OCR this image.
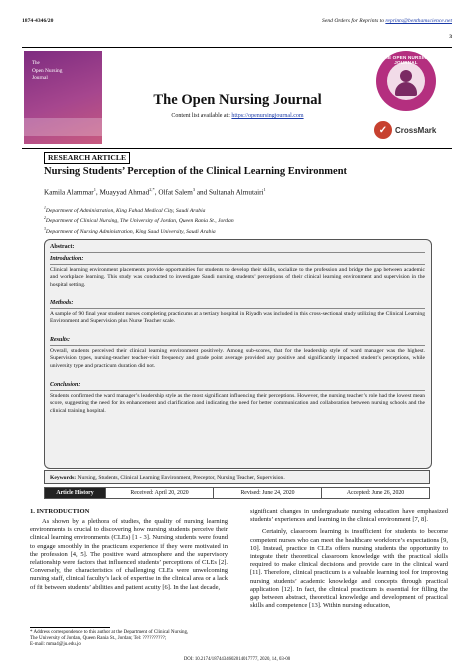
1874-4346/20	Send Orders for Reprints to reprints@benthamscience.net
3
The
Open Nursing
Journal
The Open Nursing Journal
Content list available at: https://openursingjournal.com
THE OPEN NURSING JOURNAL
✓ CrossMark
RESEARCH ARTICLE
Nursing Students’ Perception of the Clinical Learning Environment
Kamila Alammar$^1$, Muayyad Ahmad$^{2,*}$, Olfat Salem$^3$ and Sultanah Almutairi$^1$
$^1$Department of Administration, King Fahad Medical City, Saudi Arabia
$^2$Department of Clinical Nursing, The University of Jordan, Queen Rania St., Jordan
$^3$Department of Nursing Administration, King Saud University, Saudi Arabia
Abstract:
Introduction:
Clinical learning environment placements provide opportunities for students to develop their skills, socialize to the profession and bridge the gap between academic and workplace learning. This study was conducted to investigate Saudi nursing students’ perceptions of their clinical learning environment and supervision in the hospital setting.
Methods:
A sample of 90 final year student nurses completing practicums at a tertiary hospital in Riyadh was included in this cross-sectional study utilizing the Clinical Learning Environment and Supervision plus Nurse Teacher scale.
Results:
Overall, students perceived their clinical learning environment positively. Among sub-scores, that for the leadership style of ward manager was the highest. Supervision types, nursing-teacher teacher-visit frequency and grade point average provided any positive and significantly impacted student’s perceptions, while university type and practicum duration did not.
Conclusion:
Students confirmed the ward manager’s leadership style as the most significant influencing their perceptions. However, the nursing teacher’s role had the lowest mean score, suggesting the need for its enhancement and clarification and indicating the need for better communication and collaboration between nursing schools and the clinical training hospital.
Keywords: Nursing, Students, Clinical Learning Environment, Preceptor, Nursing Teacher, Supervision.
Article History	Received: April 20, 2020	Revised: June 24, 2020	Accepted: June 26, 2020
1. INTRODUCTION

As shown by a plethora of studies, the quality of nursing learning environments is crucial to discovering how nursing students perceive their clinical learning environments (CLEs) [1 - 3]. Nursing students were found to engage smoothly in the practicum experience if they were motivated in the profession [4, 5]. The positive ward atmosphere and the supervisory relationship were factors that influenced students’ perceptions of CLEs [2]. Conversely, the characteristics of challenging CLEs were unwelcoming nursing staff, clinical faculty’s lack of expertise in the clinical area or a lack of fit between students’ abilities and patient acuity [6]. In the last decade,

significant changes in undergraduate nursing education have emphasized students’ experiences and learning in the clinical environment [7, 8].

Certainly, classroom learning is insufficient for students to become competent nurses who can meet the healthcare workforce’s expectations [9, 10]. Instead, practice in CLEs offers nursing students the opportunity to integrate their theoretical classroom knowledge with the practical skills required to make clinical decisions and provide care in the clinical ward [11]. Therefore, clinical practicum is a valuable learning tool for improving nursing students’ academic knowledge and concepts through practical application [12]. In fact, the clinical practicum is essential for filling the gap between abstract, theoretical knowledge and development of practical skills and competence [13]. Within nursing education,

* Address correspondence to this author at the Department of Clinical Nursing,
The University of Jordan, Queen Rania St., Jordan; Tel: ??????????;
E-mail: mma4@ju.edu.jo
DOI: 10.2174/1874434602014017777, 2020, 14, 03-00
